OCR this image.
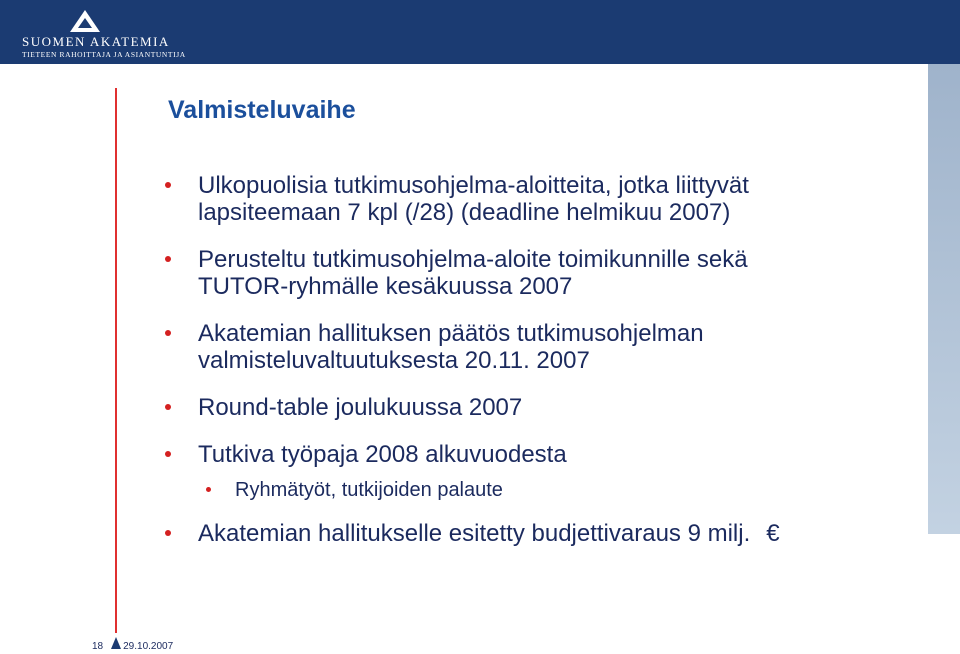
SUOMEN AKATEMIA
TIETEEN RAHOITTAJA JA ASIANTUNTIJA
Valmisteluvaihe
Ulkopuolisia tutkimusohjelma-aloitteita, jotka liittyvät
lapsiteemaan 7 kpl (/28) (deadline helmikuu 2007)
Perusteltu tutkimusohjelma-aloite toimikunnille sekä
TUTOR-ryhmälle kesäkuussa 2007
Akatemian hallituksen päätös tutkimusohjelman
valmisteluvaltuutuksesta 20.11. 2007
Round-table joulukuussa 2007
Tutkiva työpaja 2008 alkuvuodesta
Ryhmätyöt, tutkijoiden palaute
Akatemian hallitukselle esitetty budjettivaraus 9 milj. €
18 29.10.2007
